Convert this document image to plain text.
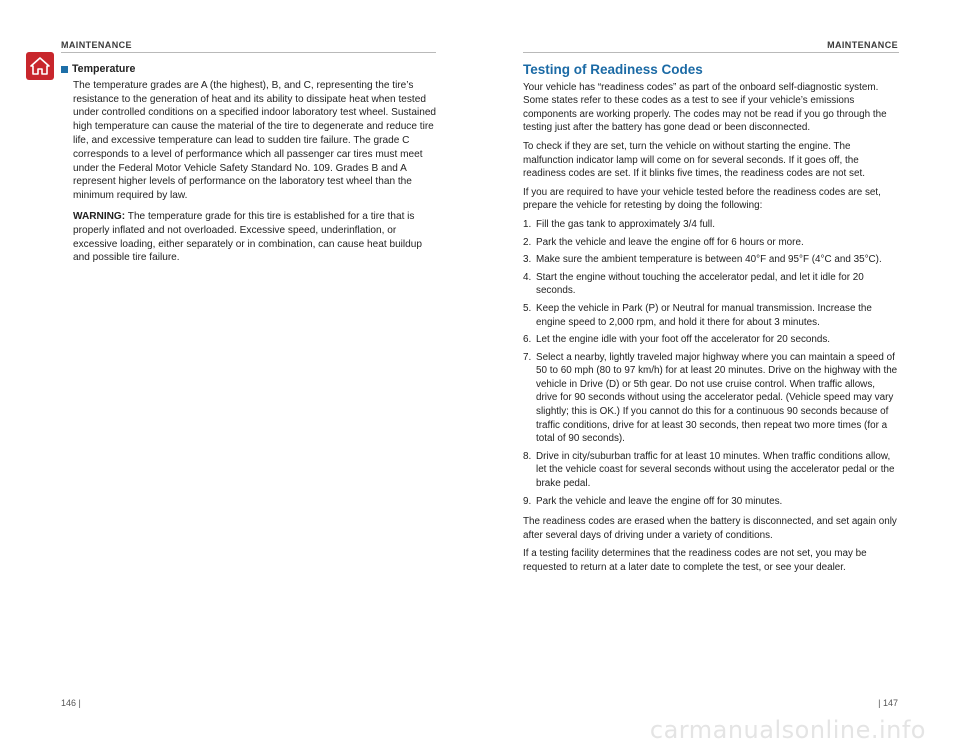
MAINTENANCE	MAINTENANCE
Temperature
The temperature grades are A (the highest), B, and C, representing the tire’s resistance to the generation of heat and its ability to dissipate heat when tested under controlled conditions on a specified indoor laboratory test wheel. Sustained high temperature can cause the material of the tire to degenerate and reduce tire life, and excessive temperature can lead to sudden tire failure. The grade C corresponds to a level of performance which all passenger car tires must meet under the Federal Motor Vehicle Safety Standard No. 109. Grades B and A represent higher levels of performance on the laboratory test wheel than the minimum required by law.
WARNING: The temperature grade for this tire is established for a tire that is properly inflated and not overloaded. Excessive speed, underinflation, or excessive loading, either separately or in combination, can cause heat buildup and possible tire failure.
Testing of Readiness Codes

Your vehicle has “readiness codes” as part of the onboard self-diagnostic system. Some states refer to these codes as a test to see if your vehicle’s emissions components are working properly. The codes may not be read if you go through the testing just after the battery has gone dead or been disconnected.

To check if they are set, turn the vehicle on without starting the engine. The malfunction indicator lamp will come on for several seconds. If it goes off, the readiness codes are set. If it blinks five times, the readiness codes are not set.

If you are required to have your vehicle tested before the readiness codes are set, prepare the vehicle for retesting by doing the following:

1. Fill the gas tank to approximately 3/4 full.
2. Park the vehicle and leave the engine off for 6 hours or more.
3. Make sure the ambient temperature is between 40°F and 95°F (4°C and 35°C).
4. Start the engine without touching the accelerator pedal, and let it idle for 20 seconds.
5. Keep the vehicle in Park (P) or Neutral for manual transmission. Increase the engine speed to 2,000 rpm, and hold it there for about 3 minutes.
6. Let the engine idle with your foot off the accelerator for 20 seconds.
7. Select a nearby, lightly traveled major highway where you can maintain a speed of 50 to 60 mph (80 to 97 km/h) for at least 20 minutes. Drive on the highway with the vehicle in Drive (D) or 5th gear. Do not use cruise control. When traffic allows, drive for 90 seconds without using the accelerator pedal. (Vehicle speed may vary slightly; this is OK.) If you cannot do this for a continuous 90 seconds because of traffic conditions, drive for at least 30 seconds, then repeat two more times (for a total of 90 seconds).
8. Drive in city/suburban traffic for at least 10 minutes. When traffic conditions allow, let the vehicle coast for several seconds without using the accelerator pedal or the brake pedal.
9. Park the vehicle and leave the engine off for 30 minutes.

The readiness codes are erased when the battery is disconnected, and set again only after several days of driving under a variety of conditions.

If a testing facility determines that the readiness codes are not set, you may be requested to return at a later date to complete the test, or see your dealer.

146 |	| 147
carmanualsonline.info
